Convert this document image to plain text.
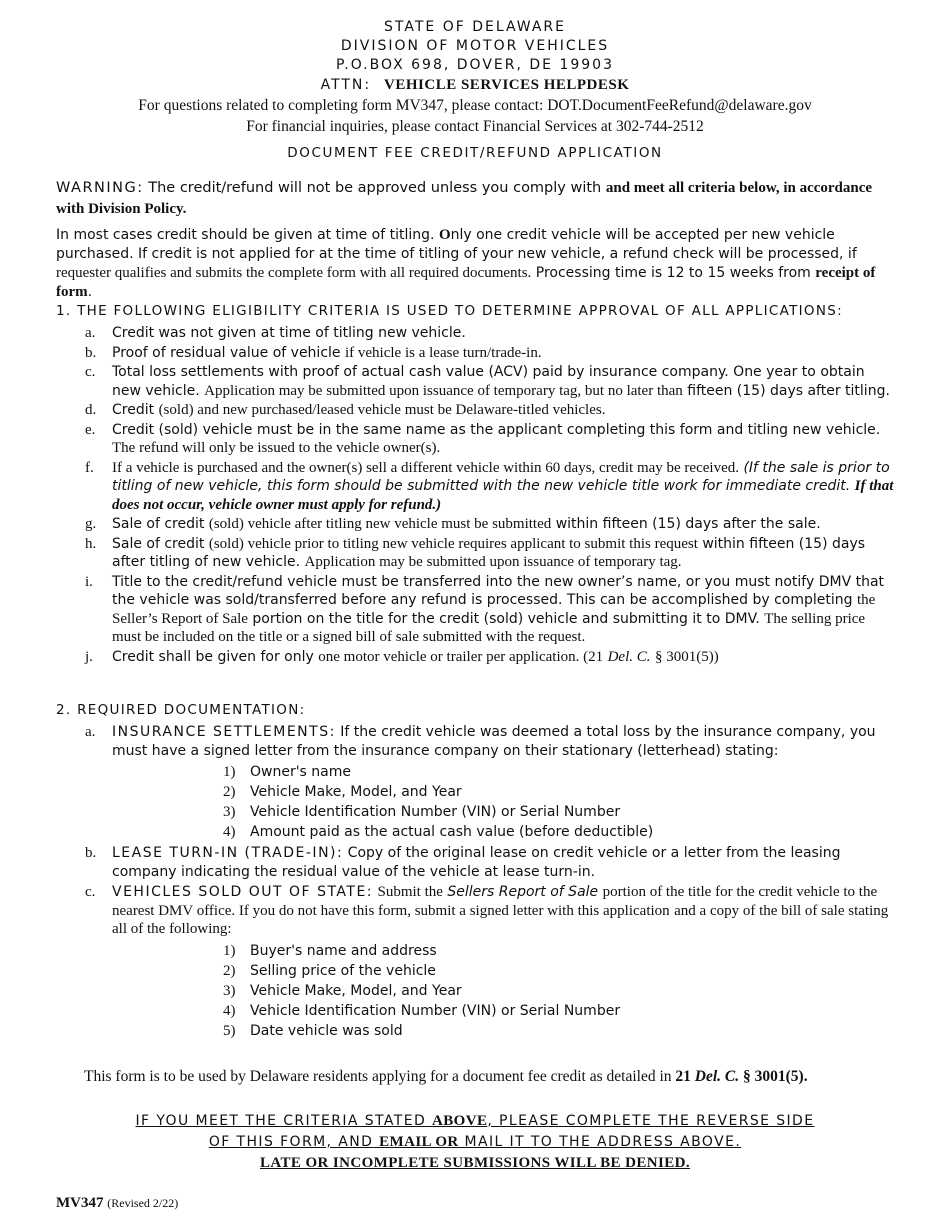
STATE OF DELAWARE
DIVISION OF MOTOR VEHICLES
P.O.BOX 698, DOVER, DE 19903
ATTN: VEHICLE SERVICES HELPDESK
For questions related to completing form MV347, please contact: DOT.DocumentFeeRefund@delaware.gov
For financial inquiries, please contact Financial Services at 302-744-2512
DOCUMENT FEE CREDIT/REFUND APPLICATION
WARNING: The credit/refund will not be approved unless you comply with and meet all criteria below, in accordance with Division Policy.
In most cases credit should be given at time of titling. Only one credit vehicle will be accepted per new vehicle purchased. If credit is not applied for at the time of titling of your new vehicle, a refund check will be processed, if requester qualifies and submits the complete form with all required documents. Processing time is 12 to 15 weeks from receipt of form.
1. THE FOLLOWING ELIGIBILITY CRITERIA IS USED TO DETERMINE APPROVAL OF ALL APPLICATIONS:
a. Credit was not given at time of titling new vehicle.
b. Proof of residual value of vehicle if vehicle is a lease turn/trade-in.
c. Total loss settlements with proof of actual cash value (ACV) paid by insurance company. One year to obtain new vehicle. Application may be submitted upon issuance of temporary tag, but no later than fifteen (15) days after titling.
d. Credit (sold) and new purchased/leased vehicle must be Delaware-titled vehicles.
e. Credit (sold) vehicle must be in the same name as the applicant completing this form and titling new vehicle. The refund will only be issued to the vehicle owner(s).
f. If a vehicle is purchased and the owner(s) sell a different vehicle within 60 days, credit may be received. (If the sale is prior to titling of new vehicle, this form should be submitted with the new vehicle title work for immediate credit. If that does not occur, vehicle owner must apply for refund.)
g. Sale of credit (sold) vehicle after titling new vehicle must be submitted within fifteen (15) days after the sale.
h. Sale of credit (sold) vehicle prior to titling new vehicle requires applicant to submit this request within fifteen (15) days after titling of new vehicle. Application may be submitted upon issuance of temporary tag.
i. Title to the credit/refund vehicle must be transferred into the new owner’s name, or you must notify DMV that the vehicle was sold/transferred before any refund is processed. This can be accomplished by completing the Seller’s Report of Sale portion on the title for the credit (sold) vehicle and submitting it to DMV. The selling price must be included on the title or a signed bill of sale submitted with the request.
j. Credit shall be given for only one motor vehicle or trailer per application. (21 Del. C. § 3001(5))
2. REQUIRED DOCUMENTATION:
a. INSURANCE SETTLEMENTS: If the credit vehicle was deemed a total loss by the insurance company, you must have a signed letter from the insurance company on their stationary (letterhead) stating:
1) Owner's name
2) Vehicle Make, Model, and Year
3) Vehicle Identification Number (VIN) or Serial Number
4) Amount paid as the actual cash value (before deductible)
b. LEASE TURN-IN (TRADE-IN): Copy of the original lease on credit vehicle or a letter from the leasing company indicating the residual value of the vehicle at lease turn-in.
c. VEHICLES SOLD OUT OF STATE: Submit the Sellers Report of Sale portion of the title for the credit vehicle to the nearest DMV office. If you do not have this form, submit a signed letter with this application and a copy of the bill of sale stating all of the following:
1) Buyer's name and address
2) Selling price of the vehicle
3) Vehicle Make, Model, and Year
4) Vehicle Identification Number (VIN) or Serial Number
5) Date vehicle was sold
This form is to be used by Delaware residents applying for a document fee credit as detailed in 21 Del. C. § 3001(5).
IF YOU MEET THE CRITERIA STATED ABOVE, PLEASE COMPLETE THE REVERSE SIDE
OF THIS FORM, AND EMAIL OR MAIL IT TO THE ADDRESS ABOVE.
LATE OR INCOMPLETE SUBMISSIONS WILL BE DENIED.
MV347 (Revised 2/22)
